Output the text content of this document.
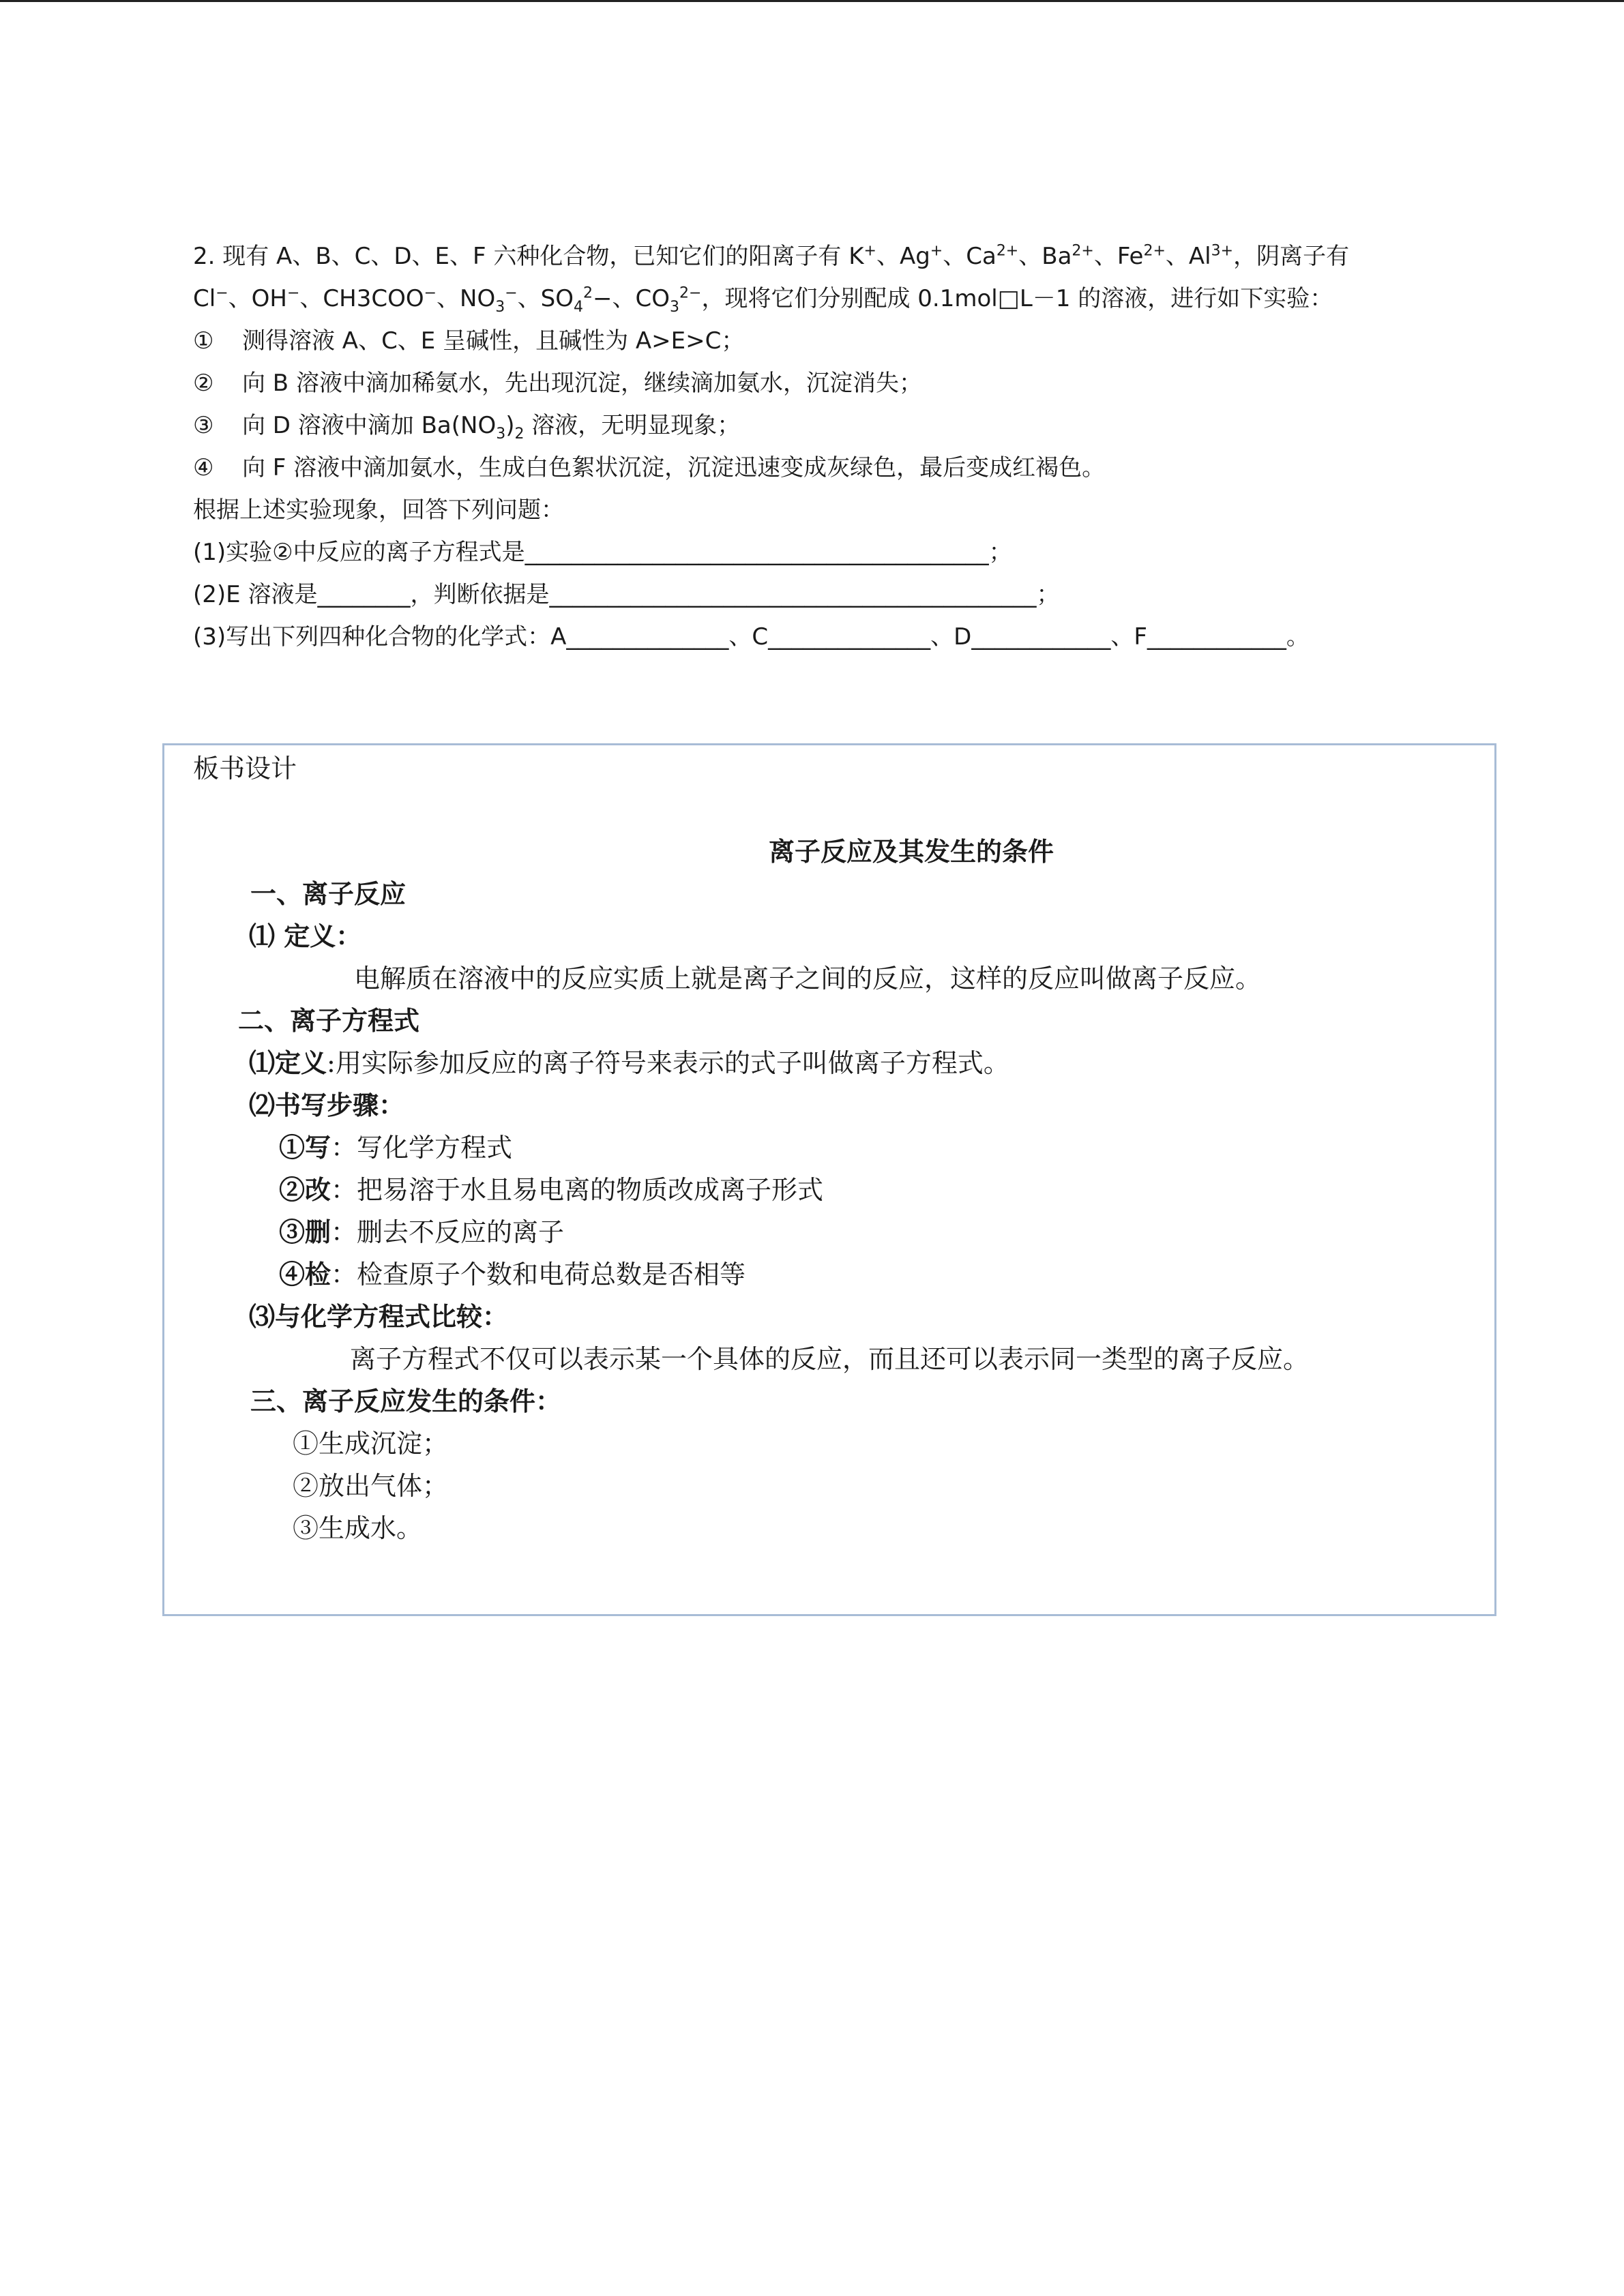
2. 现有 A、B、C、D、E、F 六种化合物，已知它们的阳离子有 K+、Ag+、$Ca^{2+}$、$Ba^{2+}$、$Fe^{2+}$、$Al^{3+}$，阴离子有
Cl−、OH−、CH3COO−、$NO_3^-$、$SO_4^2-$、$CO_3^{2-}$，现将它们分别配成 0.1mol□L－1 的溶液，进行如下实验：
① 测得溶液 A、C、E 呈碱性，且碱性为 A>E>C；
② 向 B 溶液中滴加稀氨水，先出现沉淀，继续滴加氨水，沉淀消失；
③ 向 D 溶液中滴加 $Ba(NO_3)_2$ 溶液，无明显现象；
④ 向 F 溶液中滴加氨水，生成白色絮状沉淀，沉淀迅速变成灰绿色，最后变成红褐色。
根据上述实验现象，回答下列问题：
(1)实验②中反应的离子方程式是________________________________________；
(2)E 溶液是________，判断依据是__________________________________________；
(3)写出下列四种化合物的化学式：A______________、C______________、D____________、F____________。
板书设计
离子反应及其发生的条件
一、离子反应
⑴ 定义：
电解质在溶液中的反应实质上就是离子之间的反应，这样的反应叫做离子反应。
二、离子方程式
⑴定义:用实际参加反应的离子符号来表示的式子叫做离子方程式。
⑵书写步骤：
①写：写化学方程式
②改：把易溶于水且易电离的物质改成离子形式
③删：删去不反应的离子
④检：检查原子个数和电荷总数是否相等
⑶与化学方程式比较：
离子方程式不仅可以表示某一个具体的反应，而且还可以表示同一类型的离子反应。
三、离子反应发生的条件：
①生成沉淀；
②放出气体；
③生成水。
